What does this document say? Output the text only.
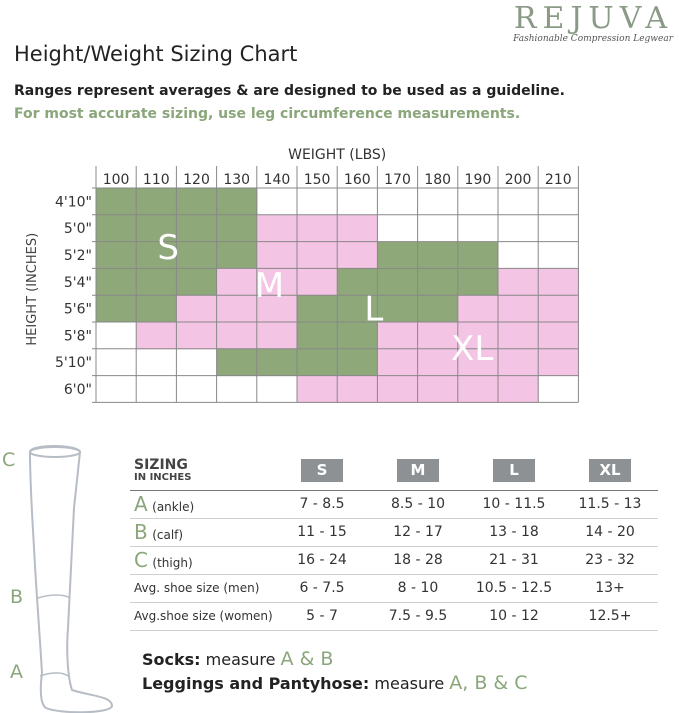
REJUVA
Fashionable Compression Legwear
Height/Weight Sizing Chart
Ranges represent averages & are designed to be used as a guideline.
For most accurate sizing, use leg circumference measurements.
WEIGHT (LBS)
100 110 120 130 140 150 160 170 180 190 200 210
4'10"
5'0"
5'2"
5'4"
5'6"
5'8"
5'10"
6'0"
HEIGHT (INCHES)	S
M
L
XL
C
B
A
SIZING
IN INCHES	S	M	L	XL
A (ankle)	7 - 8.5	8.5 - 10	10 - 11.5	11.5 - 13
B (calf)	11 - 15	12 - 17	13 - 18	14 - 20
C (thigh)	16 - 24	18 - 28	21 - 31	23 - 32
Avg. shoe size (men)	6 - 7.5	8 - 10	10.5 - 12.5	13+
Avg.shoe size (women)	5 - 7	7.5 - 9.5	10 - 12	12.5+
Socks: measure A & B
Leggings and Pantyhose: measure A, B & C
